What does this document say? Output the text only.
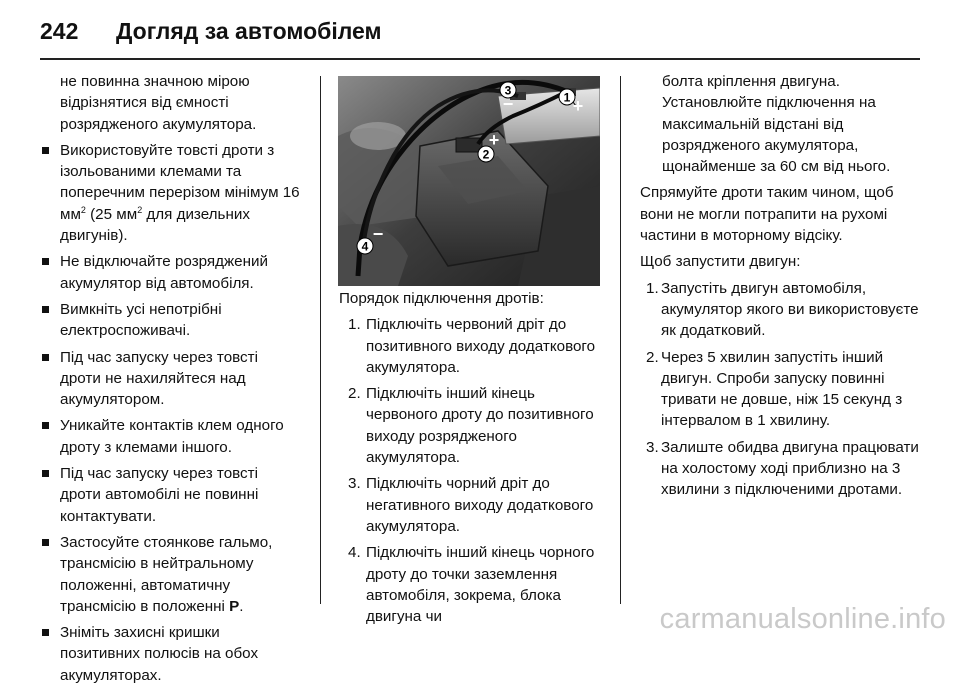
242 Догляд за автомобілем

не повинна значною мірою відрізнятися від ємності розрядженого акумулятора.

Використовуйте товсті дроти з ізольованими клемами та поперечним перерізом мінімум 16 $мм^2$ (25 $мм^2$ для дизельних двигунів).
Не відключайте розряджений акумулятор від автомобіля.
Вимкніть усі непотрібні електроспоживачі.
Під час запуску через товсті дроти не нахиляйтеся над акумулятором.
Уникайте контактів клем одного дроту з клемами іншого.
Під час запуску через товсті дроти автомобілі не повинні контактувати.
Застосуйте стоянкове гальмо, трансмісію в нейтральному положенні, автоматичну трансмісію в положенні P.
Зніміть захисні кришки позитивних полюсів на обох акумуляторах.
1 +
2
+
3
−
4
−

Порядок підключення дротів:

1. Підключіть червоний дріт до позитивного виходу додаткового акумулятора.
2. Підключіть інший кінець червоного дроту до позитивного виходу розрядженого акумулятора.
3. Підключіть чорний дріт до негативного виходу додаткового акумулятора.
4. Підключіть інший кінець чорного дроту до точки заземлення автомобіля, зокрема, блока двигуна чи

болта кріплення двигуна. Установлюйте підключення на максимальній відстані від розрядженого акумулятора, щонайменше за 60 см від нього.

Спрямуйте дроти таким чином, щоб вони не могли потрапити на рухомі частини в моторному відсіку.

Щоб запустити двигун:

1. Запустіть двигун автомобіля, акумулятор якого ви використовуєте як додатковий.
2. Через 5 хвилин запустіть інший двигун. Спроби запуску повинні тривати не довше, ніж 15 секунд з інтервалом в 1 хвилину.
3. Залиште обидва двигуна працювати на холостому ході приблизно на 3 хвилини з підключеними дротами.
carmanualsonline.info
